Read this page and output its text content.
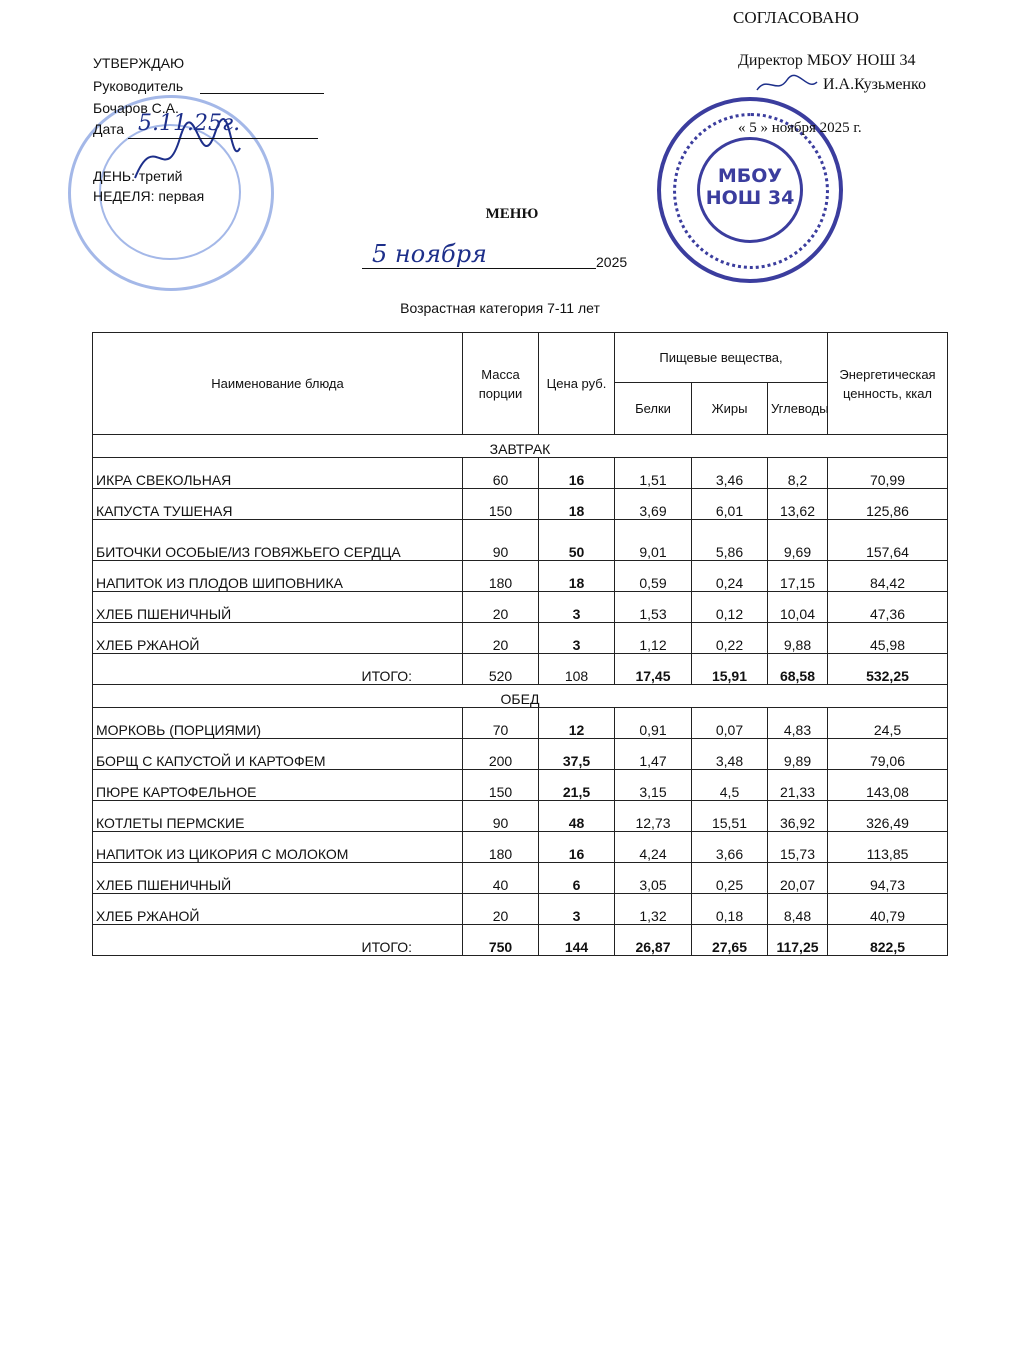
МБОУ
НОШ 34
УТВЕРЖДАЮ
Руководитель
Бочаров С.А.
Дата 5.11.25г.
ДЕНЬ: третий
НЕДЕЛЯ: первая
СОГЛАСОВАНО
Директор МБОУ НОШ 34
И.А.Кузьменко
« 5 » ноября 2025 г.
МЕНЮ
5 ноября	2025
Возрастная категория 7-11 лет
Наименование блюда	Масса порции	Цена руб.	Пищевые вещества,			Энергетическая ценность, ккал
			Белки	Жиры	Углеводы	
ЗАВТРАК						
ИКРА СВЕКОЛЬНАЯ	60	16	1,51	3,46	8,2	70,99
КАПУСТА ТУШЕНАЯ	150	18	3,69	6,01	13,62	125,86
БИТОЧКИ ОСОБЫЕ/ИЗ ГОВЯЖЬЕГО СЕРДЦА	90	50	9,01	5,86	9,69	157,64
НАПИТОК ИЗ ПЛОДОВ ШИПОВНИКА	180	18	0,59	0,24	17,15	84,42
ХЛЕБ ПШЕНИЧНЫЙ	20	3	1,53	0,12	10,04	47,36
ХЛЕБ РЖАНОЙ	20	3	1,12	0,22	9,88	45,98
ИТОГО:	520	108	17,45	15,91	68,58	532,25
ОБЕД						
МОРКОВЬ (ПОРЦИЯМИ)	70	12	0,91	0,07	4,83	24,5
БОРЩ С КАПУСТОЙ И КАРТОФЕМ	200	37,5	1,47	3,48	9,89	79,06
ПЮРЕ КАРТОФЕЛЬНОЕ	150	21,5	3,15	4,5	21,33	143,08
КОТЛЕТЫ ПЕРМСКИЕ	90	48	12,73	15,51	36,92	326,49
НАПИТОК ИЗ ЦИКОРИЯ С МОЛОКОМ	180	16	4,24	3,66	15,73	113,85
ХЛЕБ ПШЕНИЧНЫЙ	40	6	3,05	0,25	20,07	94,73
ХЛЕБ РЖАНОЙ	20	3	1,32	0,18	8,48	40,79
ИТОГО:	750	144	26,87	27,65	117,25	822,5
